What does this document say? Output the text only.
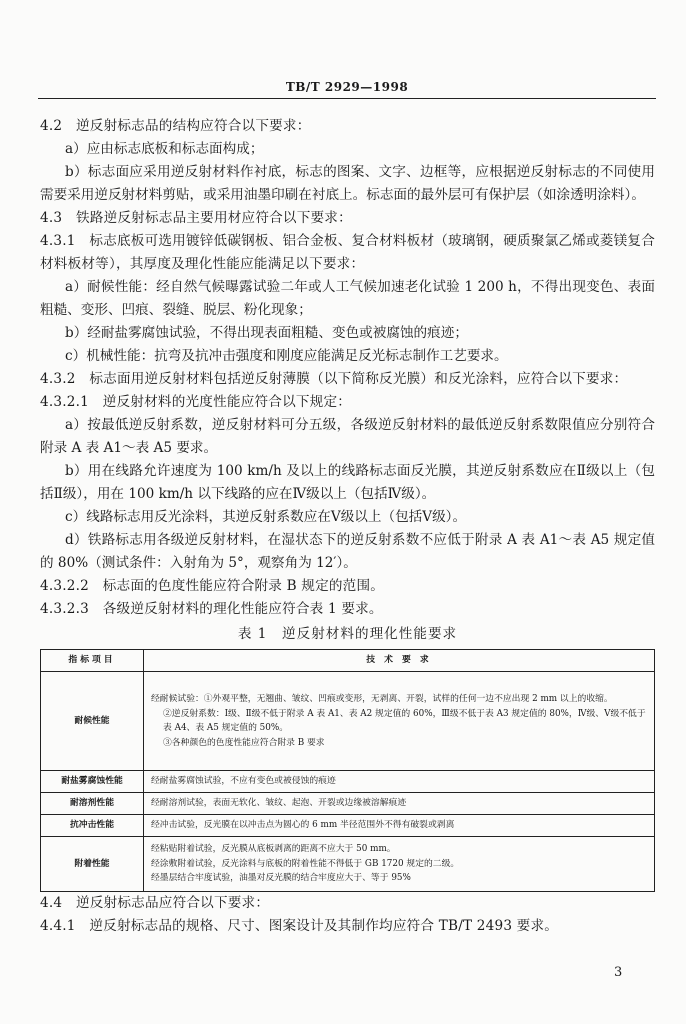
TB/T 2929—1998

4.2　逆反射标志品的结构应符合以下要求：

a）应由标志底板和标志面构成；

b）标志面应采用逆反射材料作衬底，标志的图案、文字、边框等，应根据逆反射标志的不同使用需要采用逆反射材料剪贴，或采用油墨印刷在衬底上。标志面的最外层可有保护层（如涂透明涂料）。

4.3　铁路逆反射标志品主要用材应符合以下要求：

4.3.1　标志底板可选用镀锌低碳钢板、铝合金板、复合材料板材（玻璃钢，硬质聚氯乙烯或菱镁复合材料板材等），其厚度及理化性能应能满足以下要求：

a）耐候性能：经自然气候曝露试验二年或人工气候加速老化试验 1 200 h，不得出现变色、表面粗糙、变形、凹痕、裂缝、脱层、粉化现象；

b）经耐盐雾腐蚀试验，不得出现表面粗糙、变色或被腐蚀的痕迹；

c）机械性能：抗弯及抗冲击强度和刚度应能满足反光标志制作工艺要求。

4.3.2　标志面用逆反射材料包括逆反射薄膜（以下简称反光膜）和反光涂料，应符合以下要求：

4.3.2.1　逆反射材料的光度性能应符合以下规定：

a）按最低逆反射系数，逆反射材料可分五级，各级逆反射材料的最低逆反射系数限值应分别符合附录 A 表 A1～表 A5 要求。

b）用在线路允许速度为 100 km/h 及以上的线路标志面反光膜，其逆反射系数应在Ⅱ级以上（包括Ⅱ级），用在 100 km/h 以下线路的应在Ⅳ级以上（包括Ⅳ级）。

c）线路标志用反光涂料，其逆反射系数应在Ⅴ级以上（包括Ⅴ级）。

d）铁路标志用各级逆反射材料，在湿状态下的逆反射系数不应低于附录 A 表 A1～表 A5 规定值的 80%（测试条件：入射角为 5°，观察角为 12′）。

4.3.2.2　标志面的色度性能应符合附录 B 规定的范围。

4.3.2.3　各级逆反射材料的理化性能应符合表 1 要求。

表 1　逆反射材料的理化性能要求

指标项目	技 术 要 求
耐候性能	经耐候试验：①外观平整，无翘曲、皱纹、凹痕或变形，无剥离、开裂，试样的任何一边不应出现 2 mm 以上的收缩。
②逆反射系数：Ⅰ级、Ⅱ级不低于附录 A 表 A1、表 A2 规定值的 60%，Ⅲ级不低于表 A3 规定值的 80%，Ⅳ级、Ⅴ级不低于表 A4、表 A5 规定值的 50%。
③各种颜色的色度性能应符合附录 B 要求

耐盐雾腐蚀性能	经耐盐雾腐蚀试验，不应有变色或被侵蚀的痕迹
耐溶剂性能	经耐溶剂试验，表面无软化、皱纹、起泡、开裂或边缘被溶解痕迹
抗冲击性能	经冲击试验，反光膜在以冲击点为圆心的 6 mm 半径范围外不得有破裂或剥离
附着性能	经粘贴附着试验，反光膜从底板剥离的距离不应大于 50 mm。
经涂敷附着试验，反光涂料与底板的附着性能不得低于 GB 1720 规定的二级。
经墨层结合牢度试验，油墨对反光膜的结合牢度应大于、等于 95%

4.4　逆反射标志品应符合以下要求：

4.4.1　逆反射标志品的规格、尺寸、图案设计及其制作均应符合 TB/T 2493 要求。

3
